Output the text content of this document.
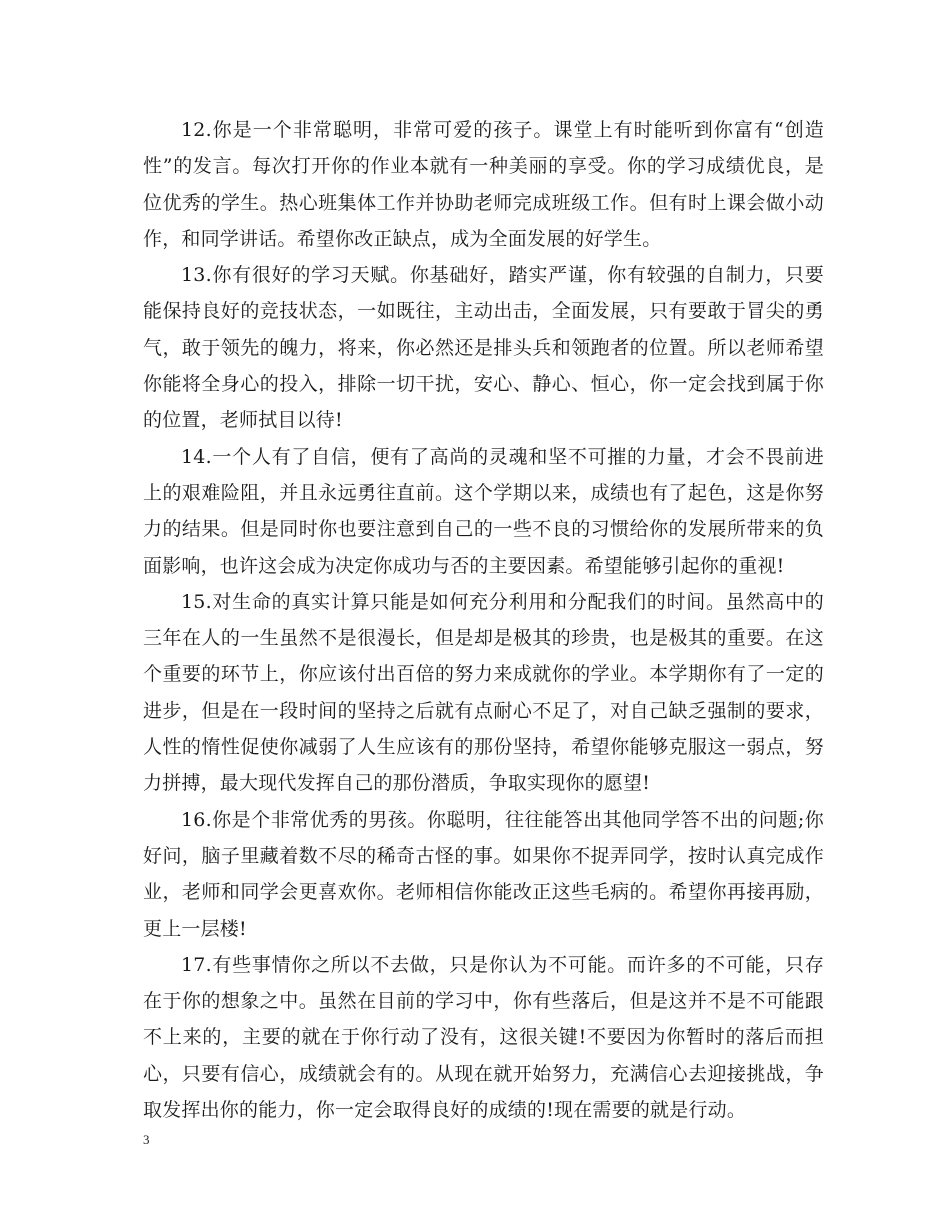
12.你是一个非常聪明，非常可爱的孩子。课堂上有时能听到你富有“创造性”的发言。每次打开你的作业本就有一种美丽的享受。你的学习成绩优良，是位优秀的学生。热心班集体工作并协助老师完成班级工作。但有时上课会做小动作，和同学讲话。希望你改正缺点，成为全面发展的好学生。

13.你有很好的学习天赋。你基础好，踏实严谨，你有较强的自制力，只要能保持良好的竞技状态，一如既往，主动出击，全面发展，只有要敢于冒尖的勇气，敢于领先的魄力，将来，你必然还是排头兵和领跑者的位置。所以老师希望你能将全身心的投入，排除一切干扰，安心、静心、恒心，你一定会找到属于你的位置，老师拭目以待!

14.一个人有了自信，便有了高尚的灵魂和坚不可摧的力量，才会不畏前进上的艰难险阻，并且永远勇往直前。这个学期以来，成绩也有了起色，这是你努力的结果。但是同时你也要注意到自己的一些不良的习惯给你的发展所带来的负面影响，也许这会成为决定你成功与否的主要因素。希望能够引起你的重视!

15.对生命的真实计算只能是如何充分利用和分配我们的时间。虽然高中的三年在人的一生虽然不是很漫长，但是却是极其的珍贵，也是极其的重要。在这个重要的环节上，你应该付出百倍的努力来成就你的学业。本学期你有了一定的进步，但是在一段时间的坚持之后就有点耐心不足了，对自己缺乏强制的要求，人性的惰性促使你减弱了人生应该有的那份坚持，希望你能够克服这一弱点，努力拼搏，最大现代发挥自己的那份潜质，争取实现你的愿望!

16.你是个非常优秀的男孩。你聪明，往往能答出其他同学答不出的问题;你好问，脑子里藏着数不尽的稀奇古怪的事。如果你不捉弄同学，按时认真完成作业，老师和同学会更喜欢你。老师相信你能改正这些毛病的。希望你再接再励，更上一层楼!

17.有些事情你之所以不去做，只是你认为不可能。而许多的不可能，只存在于你的想象之中。虽然在目前的学习中，你有些落后，但是这并不是不可能跟不上来的，主要的就在于你行动了没有，这很关键!不要因为你暂时的落后而担心，只要有信心，成绩就会有的。从现在就开始努力，充满信心去迎接挑战，争取发挥出你的能力，你一定会取得良好的成绩的!现在需要的就是行动。

3
